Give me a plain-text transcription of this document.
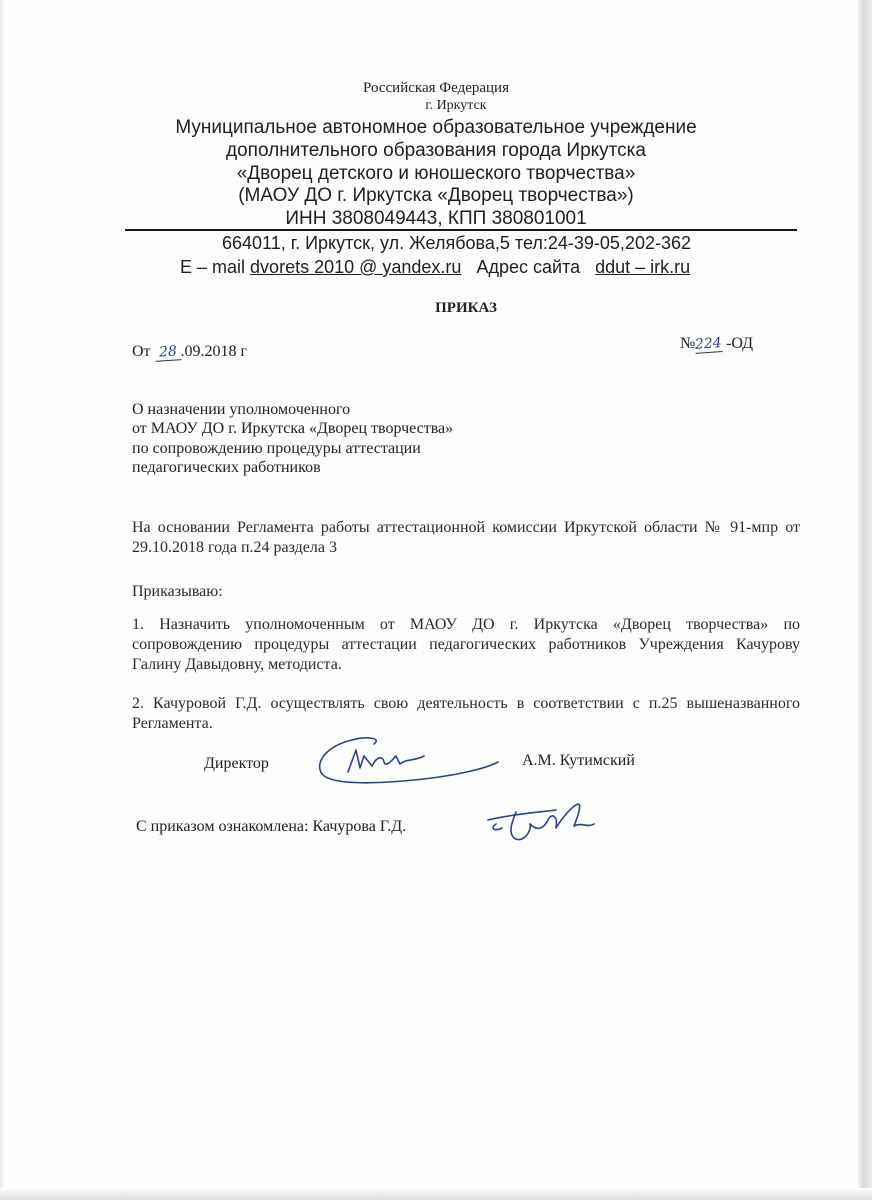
Российская Федерация
г. Иркутск
Муниципальное автономное образовательное учреждение
дополнительного образования города Иркутска
«Дворец детского и юношеского творчества»
(МАОУ ДО г. Иркутска «Дворец творчества»)
ИНН 3808049443, КПП 380801001
664011, г. Иркутск, ул. Желябова,5 тел:24-39-05,202-362
E – mail dvorets 2010 @ yandex.ru Адрес сайта ddut – irk.ru
ПРИКАЗ
От 28 .09.2018 г	№224 -ОД
О назначении уполномоченного
от МАОУ ДО г. Иркутска «Дворец творчества»
по сопровождению процедуры аттестации
педагогических работников
На основании Регламента работы аттестационной комиссии Иркутской области № 91-мпр от 29.10.2018 года п.24 раздела 3
Приказываю:
1. Назначить уполномоченным от МАОУ ДО г. Иркутска «Дворец творчества» по сопровождению процедуры аттестации педагогических работников Учреждения Качурову Галину Давыдовну, методиста.
2. Качуровой Г.Д. осуществлять свою деятельность в соответствии с п.25 вышеназванного Регламента.
Директор	А.М. Кутимский
С приказом ознакомлена: Качурова Г.Д.
